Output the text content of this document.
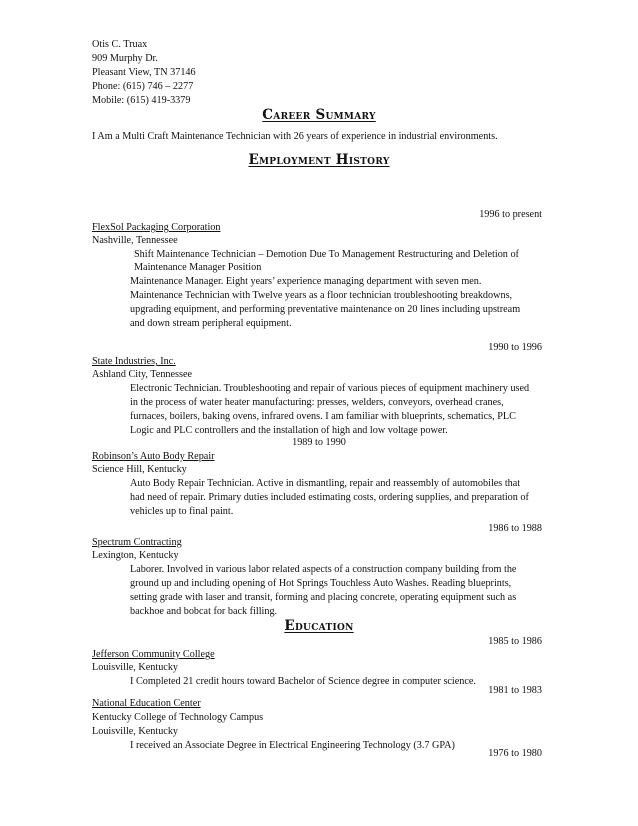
Otis C. Truax
909 Murphy Dr.
Pleasant View, TN 37146
Phone: (615) 746 – 2277
Mobile: (615) 419-3379
Career Summary
I Am a Multi Craft Maintenance Technician with 26 years of experience in industrial environments.
Employment History
1996 to present
FlexSol Packaging Corporation
Nashville, Tennessee
Shift Maintenance Technician – Demotion Due To Management Restructuring and Deletion of
Maintenance Manager Position
Maintenance Manager. Eight years’ experience managing department with seven men.
Maintenance Technician with Twelve years as a floor technician troubleshooting breakdowns,
upgrading equipment, and performing preventative maintenance on 20 lines including upstream
and down stream peripheral equipment.
1990 to 1996
State Industries, Inc.
Ashland City, Tennessee
Electronic Technician. Troubleshooting and repair of various pieces of equipment machinery used
in the process of water heater manufacturing: presses, welders, conveyors, overhead cranes,
furnaces, boilers, baking ovens, infrared ovens. I am familiar with blueprints, schematics, PLC
Logic and PLC controllers and the installation of high and low voltage power.
1989 to 1990
Robinson’s Auto Body Repair
Science Hill, Kentucky
Auto Body Repair Technician. Active in dismantling, repair and reassembly of automobiles that
had need of repair. Primary duties included estimating costs, ordering supplies, and preparation of
vehicles up to final paint.
1986 to 1988
Spectrum Contracting
Lexington, Kentucky
Laborer. Involved in various labor related aspects of a construction company building from the
ground up and including opening of Hot Springs Touchless Auto Washes. Reading blueprints,
setting grade with laser and transit, forming and placing concrete, operating equipment such as
backhoe and bobcat for back filling.
Education
1985 to 1986
Jefferson Community College
Louisville, Kentucky
I Completed 21 credit hours toward Bachelor of Science degree in computer science.
1981 to 1983
National Education Center
Kentucky College of Technology Campus
Louisville, Kentucky
I received an Associate Degree in Electrical Engineering Technology (3.7 GPA)
1976 to 1980
